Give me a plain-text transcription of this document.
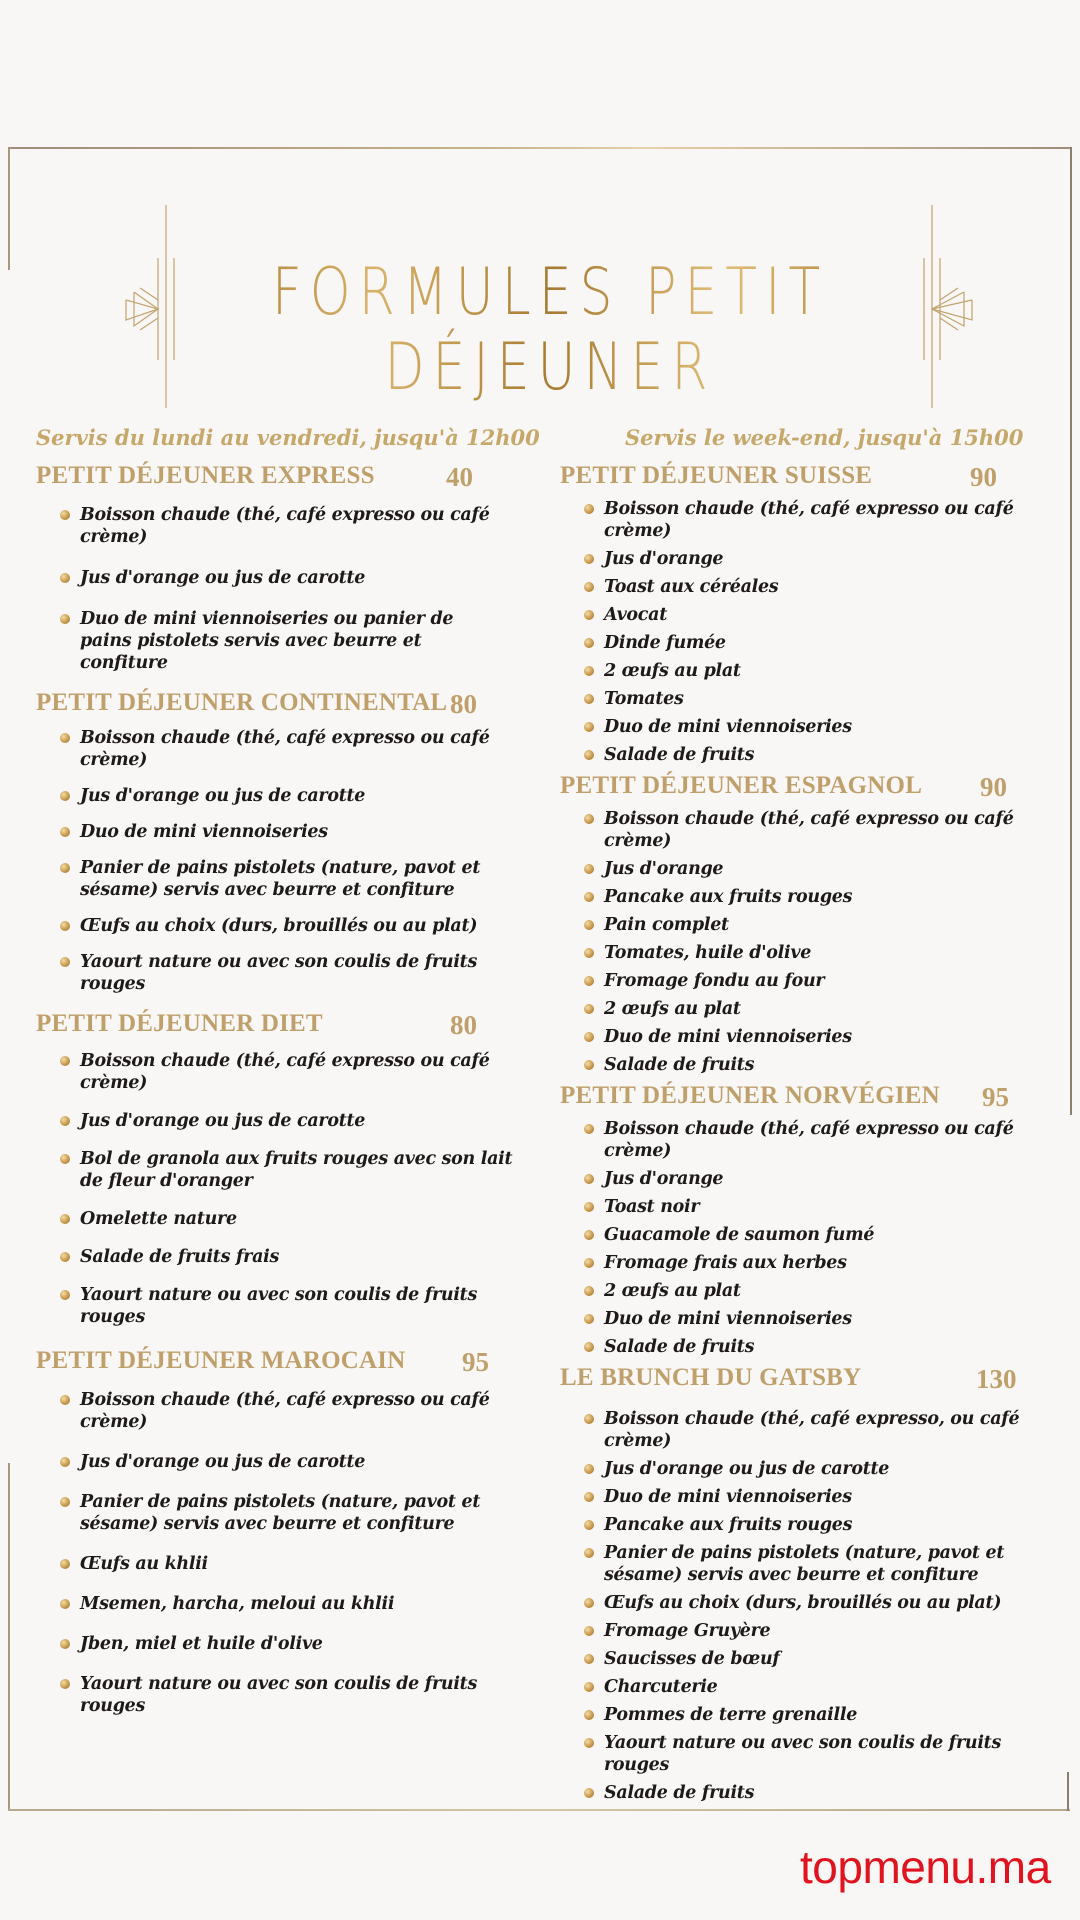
FORMULES PETIT DÉJEUNER
Servis du lundi au vendredi, jusqu'à 12h00
PETIT DÉJEUNER EXPRESS	40
Boisson chaude (thé, café expresso ou café crème)
Jus d'orange ou jus de carotte
Duo de mini viennoiseries ou panier de pains pistolets servis avec beurre et confiture
PETIT DÉJEUNER CONTINENTAL 80
Boisson chaude (thé, café expresso ou café crème)
Jus d'orange ou jus de carotte
Duo de mini viennoiseries
Panier de pains pistolets (nature, pavot et sésame) servis avec beurre et confiture
Œufs au choix (durs, brouillés ou au plat)
Yaourt nature ou avec son coulis de fruits rouges
PETIT DÉJEUNER DIET	80
Boisson chaude (thé, café expresso ou café crème)
Jus d'orange ou jus de carotte
Bol de granola aux fruits rouges avec son lait de fleur d'oranger
Omelette nature
Salade de fruits frais
Yaourt nature ou avec son coulis de fruits rouges
PETIT DÉJEUNER MAROCAIN 95
Boisson chaude (thé, café expresso ou café crème)
Jus d'orange ou jus de carotte
Panier de pains pistolets (nature, pavot et sésame) servis avec beurre et confiture
Œufs au khlii
Msemen, harcha, meloui au khlii
Jben, miel et huile d'olive
Yaourt nature ou avec son coulis de fruits rouges
Servis le week-end, jusqu'à 15h00
PETIT DÉJEUNER SUISSE	90
Boisson chaude (thé, café expresso ou café crème)
Jus d'orange
Toast aux céréales
Avocat
Dinde fumée
2 œufs au plat
Tomates
Duo de mini viennoiseries
Salade de fruits
PETIT DÉJEUNER ESPAGNOL 90
Boisson chaude (thé, café expresso ou café crème)
Jus d'orange
Pancake aux fruits rouges
Pain complet
Tomates, huile d'olive
Fromage fondu au four
2 œufs au plat
Duo de mini viennoiseries
Salade de fruits
PETIT DÉJEUNER NORVÉGIEN 95
Boisson chaude (thé, café expresso ou café crème)
Jus d'orange
Toast noir
Guacamole de saumon fumé
Fromage frais aux herbes
2 œufs au plat
Duo de mini viennoiseries
Salade de fruits
LE BRUNCH DU GATSBY	130
Boisson chaude (thé, café expresso, ou café crème)
Jus d'orange ou jus de carotte
Duo de mini viennoiseries
Pancake aux fruits rouges
Panier de pains pistolets (nature, pavot et sésame) servis avec beurre et confiture
Œufs au choix (durs, brouillés ou au plat)
Fromage Gruyère
Saucisses de bœuf
Charcuterie
Pommes de terre grenaille
Yaourt nature ou avec son coulis de fruits rouges
Salade de fruits
topmenu.ma
